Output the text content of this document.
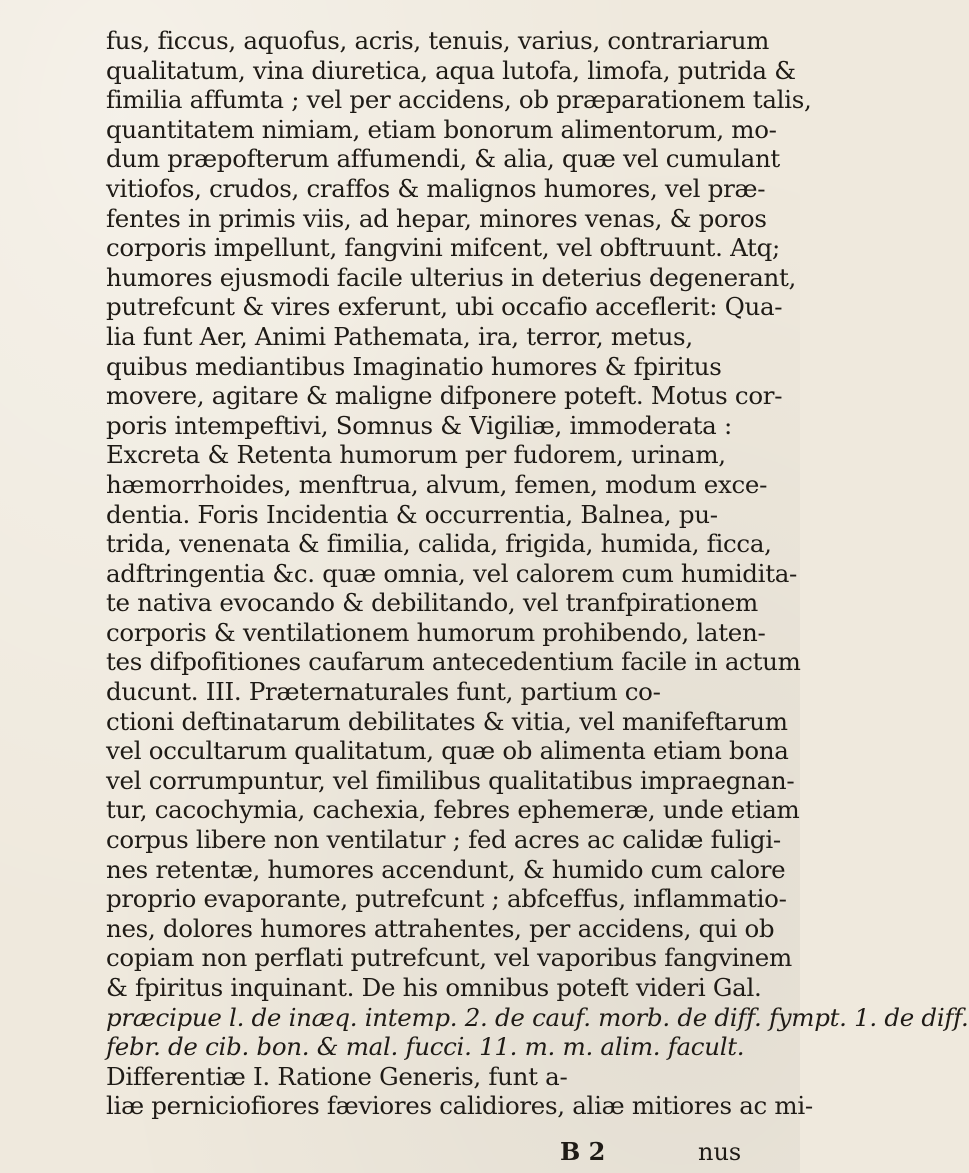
fus, ficcus, aquofus, acris, tenuis, varius, contrariarum
qualitatum, vina diuretica, aqua lutofa, limofa, putrida &
fimilia affumta ; vel per accidens, ob præparationem talis,
quantitatem nimiam, etiam bonorum alimentorum, mo-
dum præpofterum affumendi, & alia, quæ vel cumulant
vitiofos, crudos, craffos & malignos humores, vel præ-
fentes in primis viis, ad hepar, minores venas, & poros
corporis impellunt, fangvini mifcent, vel obftruunt. Atq;
humores ejusmodi facile ulterius in deterius degenerant,
putrefcunt & vires exferunt, ubi occafio acceflerit: Qua-
lia funt Aer, Animi Pathemata, ira, terror, metus,
quibus mediantibus Imaginatio humores & fpiritus
movere, agitare & maligne difponere poteft. Motus cor-
poris intempeftivi, Somnus & Vigiliæ, immoderata :
Excreta & Retenta humorum per fudorem, urinam,
hæmorrhoides, menftrua, alvum, femen, modum exce-
dentia. Foris Incidentia & occurrentia, Balnea, pu-
trida, venenata & fimilia, calida, frigida, humida, ficca,
adftringentia &c. quæ omnia, vel calorem cum humidita-
te nativa evocando & debilitando, vel tranfpirationem
corporis & ventilationem humorum prohibendo, laten-
tes difpofitiones caufarum antecedentium facile in actum
ducunt. III. Præternaturales funt, partium co-
ctioni deftinatarum debilitates & vitia, vel manifeftarum
vel occultarum qualitatum, quæ ob alimenta etiam bona
vel corrumpuntur, vel fimilibus qualitatibus impraegnan-
tur, cacochymia, cachexia, febres ephemeræ, unde etiam
corpus libere non ventilatur ; fed acres ac calidæ fuligi-
nes retentæ, humores accendunt, & humido cum calore
proprio evaporante, putrefcunt ; abfceffus, inflammatio-
nes, dolores humores attrahentes, per accidens, qui ob
copiam non perflati putrefcunt, vel vaporibus fangvinem
& fpiritus inquinant. De his omnibus poteft videri Gal.
præcipue l. de inæq. intemp. 2. de cauf. morb. de diff. fympt. 1. de diff.
febr. de cib. bon. & mal. fucci. 11. m. m. alim. facult.
Differentiæ I. Ratione Generis, funt a-
liæ perniciofiores fæviores calidiores, aliæ mitiores ac mi-
B 2	nus
